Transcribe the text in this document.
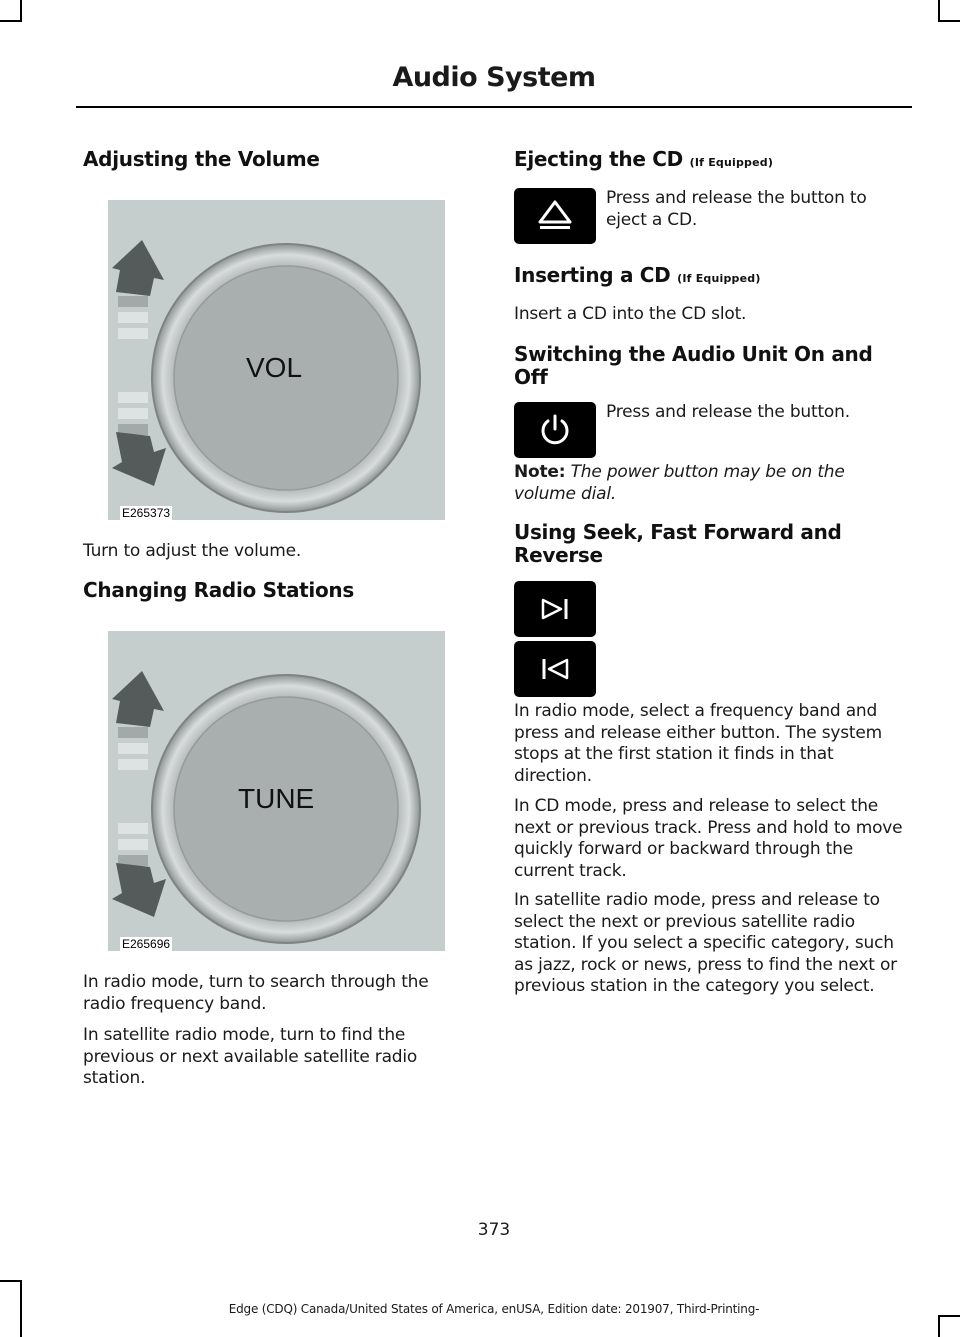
Audio System
Adjusting the Volume
VOL
E265373

Turn to adjust the volume.

Changing Radio Stations
TUNE
E265696

In radio mode, turn to search through the radio frequency band.

In satellite radio mode, turn to find the previous or next available satellite radio station.

Ejecting the CD (If Equipped)

Press and release the button to eject a CD.

Inserting a CD (If Equipped)

Insert a CD into the CD slot.

Switching the Audio Unit On and Off

Press and release the button.

Note: The power button may be on the volume dial.

Using Seek, Fast Forward and Reverse

In radio mode, select a frequency band and press and release either button. The system stops at the first station it finds in that direction.

In CD mode, press and release to select the next or previous track. Press and hold to move quickly forward or backward through the current track.

In satellite radio mode, press and release to select the next or previous satellite radio station. If you select a specific category, such as jazz, rock or news, press to find the next or previous station in the category you select.

373
Edge (CDQ) Canada/United States of America, enUSA, Edition date: 201907, Third-Printing-
